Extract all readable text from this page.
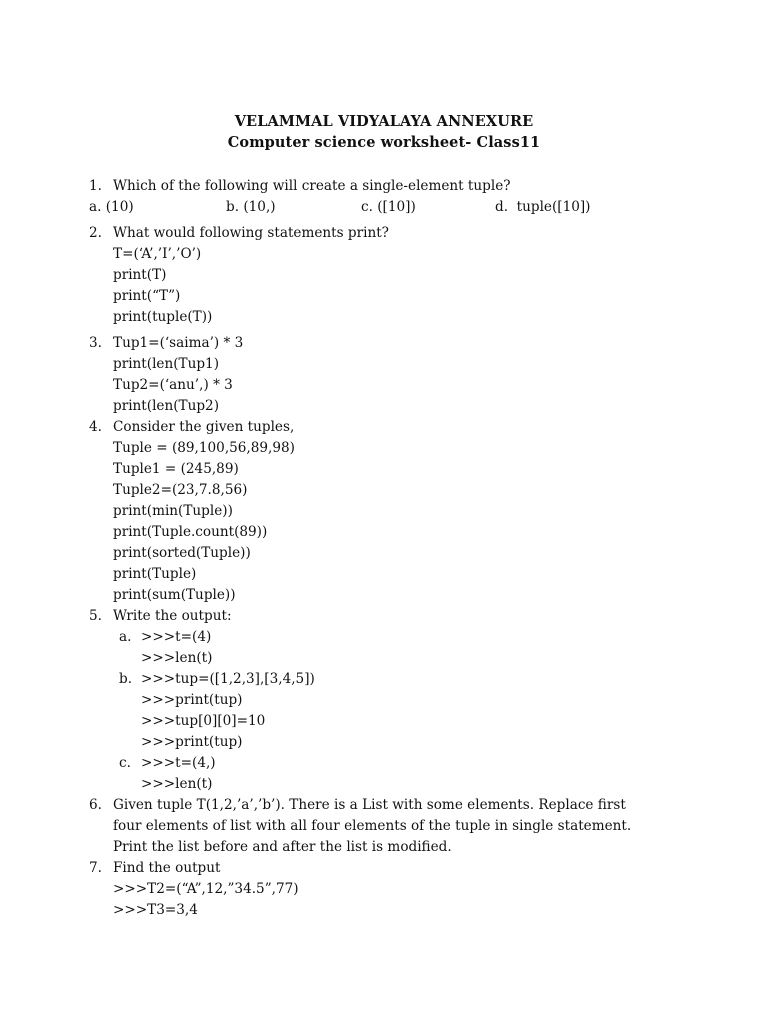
VELAMMAL VIDYALAYA ANNEXURE
Computer science worksheet- Class11
1. Which of the following will create a single-element tuple?
a. (10)	b. (10,)	c. ([10])	d.  tuple([10])
2. What would following statements print?
T=(‘A’,’I’,’O’)
print(T)
print(“T”)
print(tuple(T))
3. Tup1=(‘saima’) * 3
print(len(Tup1)
Tup2=(‘anu’,) * 3
print(len(Tup2)
4. Consider the given tuples,
Tuple = (89,100,56,89,98)
Tuple1 = (245,89)
Tuple2=(23,7.8,56)
print(min(Tuple))
print(Tuple.count(89))
print(sorted(Tuple))
print(Tuple)
print(sum(Tuple))
5. Write the output:
a. >>>t=(4)
>>>len(t)
b. >>>tup=([1,2,3],[3,4,5])
>>>print(tup)
>>>tup[0][0]=10
>>>print(tup)
c. >>>t=(4,)
>>>len(t)
6. Given tuple T(1,2,’a’,’b’). There is a List with some elements. Replace first
four elements of list with all four elements of the tuple in single statement.
Print the list before and after the list is modified.
7. Find the output
>>>T2=(“A”,12,”34.5”,77)
>>>T3=3,4
